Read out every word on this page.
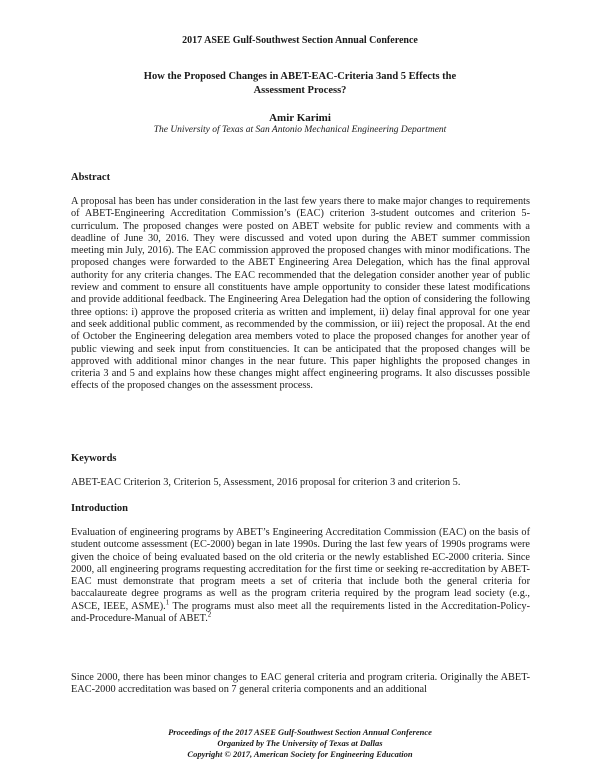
2017 ASEE Gulf-Southwest Section Annual Conference
How the Proposed Changes in ABET-EAC-Criteria 3and 5 Effects the
Assessment Process?
Amir Karimi
The University of Texas at San Antonio Mechanical Engineering Department
Abstract

A proposal has been has under consideration in the last few years there to make major changes to requirements of ABET-Engineering Accreditation Commission’s (EAC) criterion 3-student outcomes and criterion 5-curriculum. The proposed changes were posted on ABET website for public review and comments with a deadline of June 30, 2016. They were discussed and voted upon during the ABET summer commission meeting min July, 2016). The EAC commission approved the proposed changes with minor modifications. The proposed changes were forwarded to the ABET Engineering Area Delegation, which has the final approval authority for any criteria changes. The EAC recommended that the delegation consider another year of public review and comment to ensure all constituents have ample opportunity to consider these latest modifications and provide additional feedback. The Engineering Area Delegation had the option of considering the following three options: i) approve the proposed criteria as written and implement, ii) delay final approval for one year and seek additional public comment, as recommended by the commission, or iii) reject the proposal. At the end of October the Engineering delegation area members voted to place the proposed changes for another year of public viewing and seek input from constituencies. It can be anticipated that the proposed changes will be approved with additional minor changes in the near future. This paper highlights the proposed changes in criteria 3 and 5 and explains how these changes might affect engineering programs. It also discusses possible effects of the proposed changes on the assessment process.

Keywords

ABET-EAC Criterion 3, Criterion 5, Assessment, 2016 proposal for criterion 3 and criterion 5.

Introduction

Evaluation of engineering programs by ABET’s Engineering Accreditation Commission (EAC) on the basis of student outcome assessment (EC-2000) began in late 1990s. During the last few years of 1990s programs were given the choice of being evaluated based on the old criteria or the newly established EC-2000 criteria. Since 2000, all engineering programs requesting accreditation for the first time or seeking re-accreditation by ABET-EAC must demonstrate that program meets a set of criteria that include both the general criteria for baccalaureate degree programs as well as the program criteria required by the program lead society (e.g., ASCE, IEEE, ASME).$^1$ The programs must also meet all the requirements listed in the Accreditation-Policy-and-Procedure-Manual of ABET.$^2$

Since 2000, there has been minor changes to EAC general criteria and program criteria. Originally the ABET-EAC-2000 accreditation was based on 7 general criteria components and an additional

Proceedings of the 2017 ASEE Gulf-Southwest Section Annual Conference
Organized by The University of Texas at Dallas
Copyright © 2017, American Society for Engineering Education
